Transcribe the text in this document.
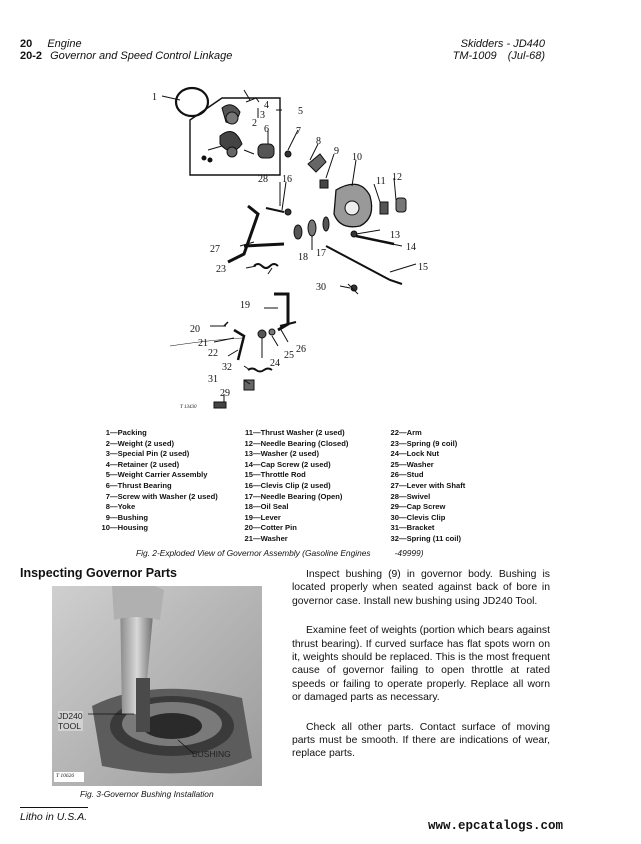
20 Engine
20-2 Governor and Speed Control Linkage
Skidders - JD440
TM-1009 (Jul-68)
1
2
3
4
5
6	7
8
9
10
11 12
13
14
15
16
17
18
19
20
21
22
23
24
25
26
27
28
29
30
31
32
T 13430
1—Packing
2—Weight (2 used)
3—Special Pin (2 used)
4—Retainer (2 used)
5—Weight Carrier Assembly
6—Thrust Bearing
7—Screw with Washer (2 used)
8—Yoke
9—Bushing
10—Housing
11—Thrust Washer (2 used)
12—Needle Bearing (Closed)
13—Washer (2 used)
14—Cap Screw (2 used)
15—Throttle Rod
16—Clevis Clip (2 used)
17—Needle Bearing (Open)
18—Oil Seal
19—Lever
20—Cotter Pin
21—Washer
22—Arm
23—Spring (9 coil)
24—Lock Nut
25—Washer
26—Stud
27—Lever with Shaft
28—Swivel
29—Cap Screw
30—Clevis Clip
31—Bracket
32—Spring (11 coil)
Fig. 2-Exploded View of Governor Assembly (Gasoline Engines	-49999)
Inspecting Governor Parts	Inspect bushing (9) in governor body. Bushing is located properly when seated against back of bore in governor case. Install new bushing using JD240 Tool.

Examine feet of weights (portion which bears against thrust bearing). If curved surface has flat spots worn on it, weights should be replaced. This is the most frequent cause of governor failing to open throttle at rated speeds or failing to operate properly. Replace all worn or damaged parts as necessary.

Check all other parts. Contact surface of moving parts must be smooth. If there are indications of wear, replace parts.

JD240
TOOL
BUSHING
T 10626
Fig. 3-Governor Bushing Installation
Litho in U.S.A.
www.epcatalogs.com
